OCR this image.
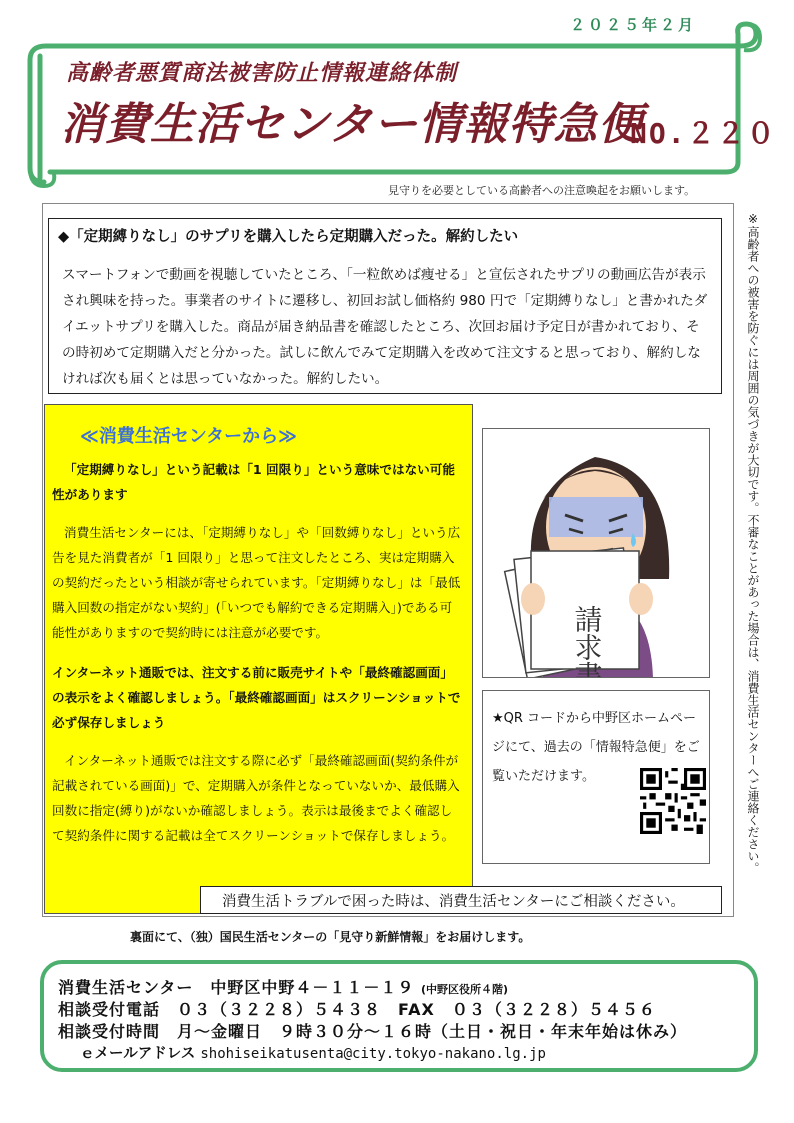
２０２５年２月
高齢者悪質商法被害防止情報連絡体制
消費生活センター情報特急便
NO.２２０
見守りを必要としている高齢者への注意喚起をお願いします。
◆「定期縛りなし」のサプリを購入したら定期購入だった。解約したい
スマートフォンで動画を視聴していたところ、「一粒飲めば痩せる」と宣伝されたサプリの動画広告が表示され興味を持った。事業者のサイトに遷移し、初回お試し価格約 980 円で「定期縛りなし」と書かれたダイエットサプリを購入した。商品が届き納品書を確認したところ、次回お届け予定日が書かれており、その時初めて定期購入だと分かった。試しに飲んでみて定期購入を改めて注文すると思っており、解約しなければ次も届くとは思っていなかった。解約したい。
≪消費生活センターから≫
「定期縛りなし」という記載は「1 回限り」という意味ではない可能性があります
消費生活センターには、「定期縛りなし」や「回数縛りなし」という広告を見た消費者が「1 回限り」と思って注文したところ、実は定期購入の契約だったという相談が寄せられています。「定期縛りなし」は「最低購入回数の指定がない契約」(「いつでも解約できる定期購入」)である可能性がありますので契約時には注意が必要です。
インターネット通販では、注文する前に販売サイトや「最終確認画面」の表示をよく確認しましょう。「最終確認画面」はスクリーンショットで必ず保存しましょう
インターネット通販では注文する際に必ず「最終確認画面(契約条件が記載されている画面)」で、定期購入が条件となっていないか、最低購入回数に指定(縛り)がないか確認しましょう。表示は最後までよく確認して契約条件に関する記載は全てスクリーンショットで保存しましょう。
請求書
★QR コードから中野区ホームページにて、過去の「情報特急便」をご覧いただけます。
消費生活トラブルで困った時は、消費生活センターにご相談ください。
※高齢者への被害を防ぐには周囲の気づきが大切です。不審なことがあった場合は、消費生活センターへご連絡ください。
裏面にて、（独）国民生活センターの「見守り新鮮情報」をお届けします。
消費生活センター　中野区中野４－１１－１９ (中野区役所４階)
相談受付電話　０３（３２２８）５４３８　FAX　０３（３２２８）５４５６
相談受付時間　月～金曜日　９時３０分～１６時（土日・祝日・年末年始は休み）
ｅメールアドレス shohiseikatusenta@city.tokyo-nakano.lg.jp
